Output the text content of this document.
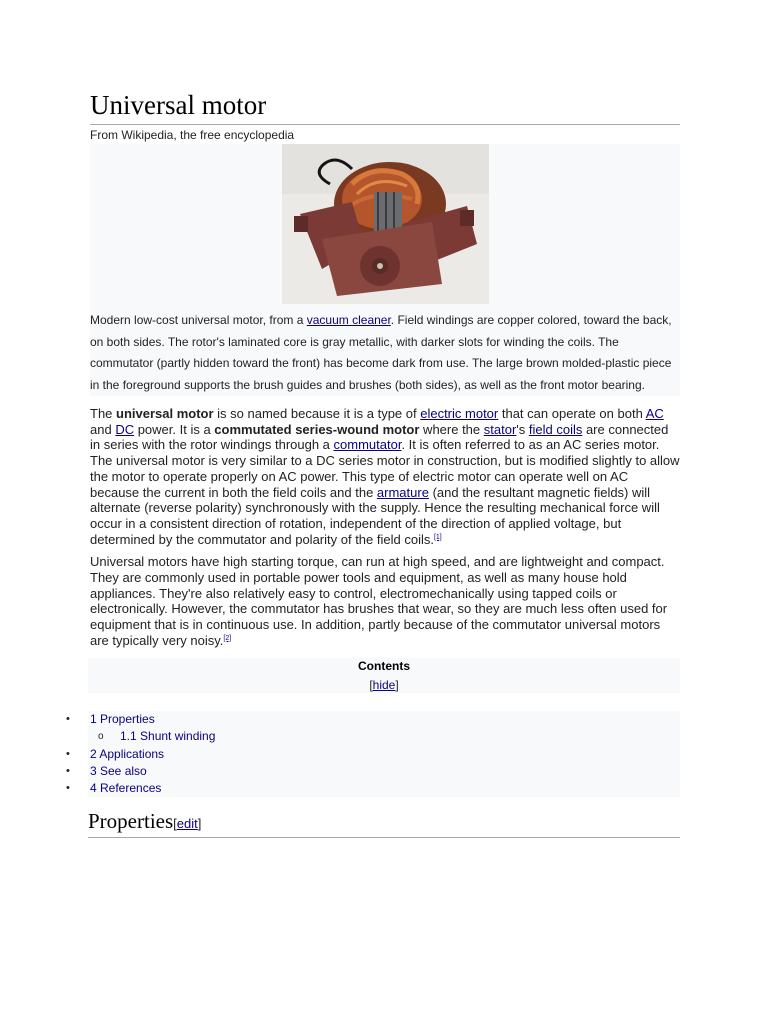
Universal motor
From Wikipedia, the free encyclopedia
Modern low-cost universal motor, from a vacuum cleaner. Field windings are copper colored, toward the back, on both sides. The rotor's laminated core is gray metallic, with darker slots for winding the coils. The commutator (partly hidden toward the front) has become dark from use. The large brown molded-plastic piece in the foreground supports the brush guides and brushes (both sides), as well as the front motor bearing.

The universal motor is so named because it is a type of electric motor that can operate on both AC and DC power. It is a commutated series-wound motor where the stator's field coils are connected in series with the rotor windings through a commutator. It is often referred to as an AC series motor. The universal motor is very similar to a DC series motor in construction, but is modified slightly to allow the motor to operate properly on AC power. This type of electric motor can operate well on AC because the current in both the field coils and the armature (and the resultant magnetic fields) will alternate (reverse polarity) synchronously with the supply. Hence the resulting mechanical force will occur in a consistent direction of rotation, independent of the direction of applied voltage, but determined by the commutator and polarity of the field coils.[1]

Universal motors have high starting torque, can run at high speed, and are lightweight and compact. They are commonly used in portable power tools and equipment, as well as many house hold appliances. They're also relatively easy to control, electromechanically using tapped coils or electronically. However, the commutator has brushes that wear, so they are much less often used for equipment that is in continuous use. In addition, partly because of the commutator universal motors are typically very noisy.[2]

Contents
[hide]
• 1 Properties
o 1.1 Shunt winding
• 2 Applications
• 3 See also
• 4 References
Properties[edit]
